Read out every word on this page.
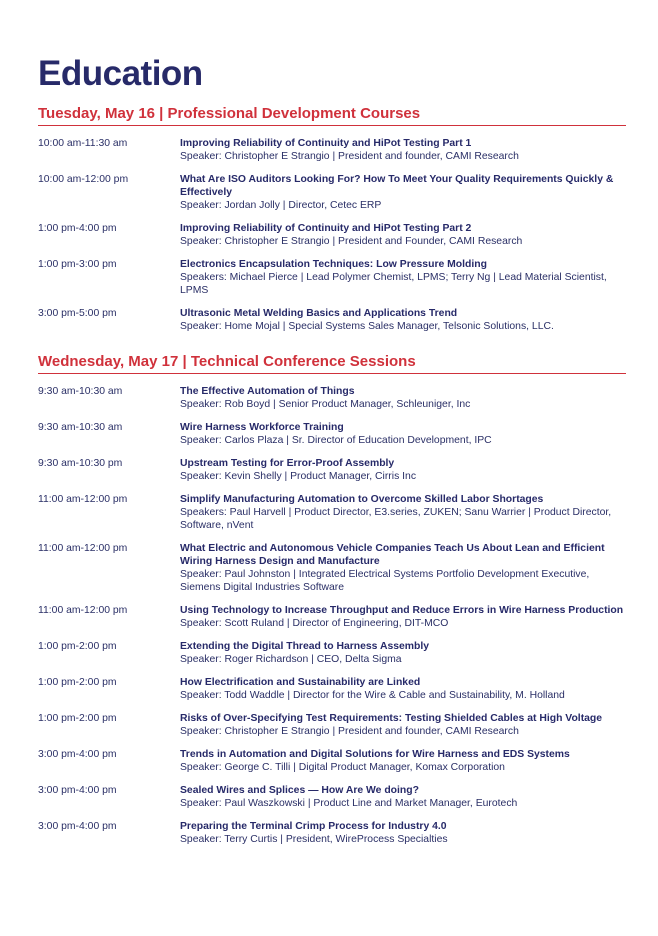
Education
Tuesday, May 16 | Professional Development Courses
10:00 am-11:30 am	Improving Reliability of Continuity and HiPot Testing Part 1
Speaker: Christopher E Strangio | President and founder, CAMI Research
10:00 am-12:00 pm	What Are ISO Auditors Looking For? How To Meet Your Quality Requirements Quickly & Effectively
Speaker: Jordan Jolly | Director, Cetec ERP
1:00 pm-4:00 pm	Improving Reliability of Continuity and HiPot Testing Part 2
Speaker: Christopher E Strangio | President and Founder, CAMI Research
1:00 pm-3:00 pm	Electronics Encapsulation Techniques: Low Pressure Molding
Speakers: Michael Pierce | Lead Polymer Chemist, LPMS; Terry Ng | Lead Material Scientist, LPMS
3:00 pm-5:00 pm	Ultrasonic Metal Welding Basics and Applications Trend
Speaker: Home Mojal | Special Systems Sales Manager, Telsonic Solutions, LLC.
Wednesday, May 17 | Technical Conference Sessions
9:30 am-10:30 am	The Effective Automation of Things
Speaker: Rob Boyd | Senior Product Manager, Schleuniger, Inc
9:30 am-10:30 am	Wire Harness Workforce Training
Speaker: Carlos Plaza | Sr. Director of Education Development, IPC
9:30 am-10:30 pm	Upstream Testing for Error-Proof Assembly
Speaker: Kevin Shelly | Product Manager, Cirris Inc
11:00 am-12:00 pm	Simplify Manufacturing Automation to Overcome Skilled Labor Shortages
Speakers: Paul Harvell | Product Director, E3.series, ZUKEN; Sanu Warrier | Product Director, Software, nVent
11:00 am-12:00 pm	What Electric and Autonomous Vehicle Companies Teach Us About Lean and Efficient Wiring Harness Design and Manufacture
Speaker: Paul Johnston | Integrated Electrical Systems Portfolio Development Executive, Siemens Digital Industries Software
11:00 am-12:00 pm	Using Technology to Increase Throughput and Reduce Errors in Wire Harness Production
Speaker: Scott Ruland | Director of Engineering, DIT-MCO
1:00 pm-2:00 pm	Extending the Digital Thread to Harness Assembly
Speaker: Roger Richardson | CEO, Delta Sigma
1:00 pm-2:00 pm	How Electrification and Sustainability are Linked
Speaker: Todd Waddle | Director for the Wire & Cable and Sustainability, M. Holland
1:00 pm-2:00 pm	Risks of Over-Specifying Test Requirements: Testing Shielded Cables at High Voltage
Speaker: Christopher E Strangio | President and founder, CAMI Research
3:00 pm-4:00 pm	Trends in Automation and Digital Solutions for Wire Harness and EDS Systems
Speaker: George C. Tilli | Digital Product Manager, Komax Corporation
3:00 pm-4:00 pm	Sealed Wires and Splices — How Are We doing?
Speaker: Paul Waszkowski | Product Line and Market Manager, Eurotech
3:00 pm-4:00 pm	Preparing the Terminal Crimp Process for Industry 4.0
Speaker: Terry Curtis | President, WireProcess Specialties
